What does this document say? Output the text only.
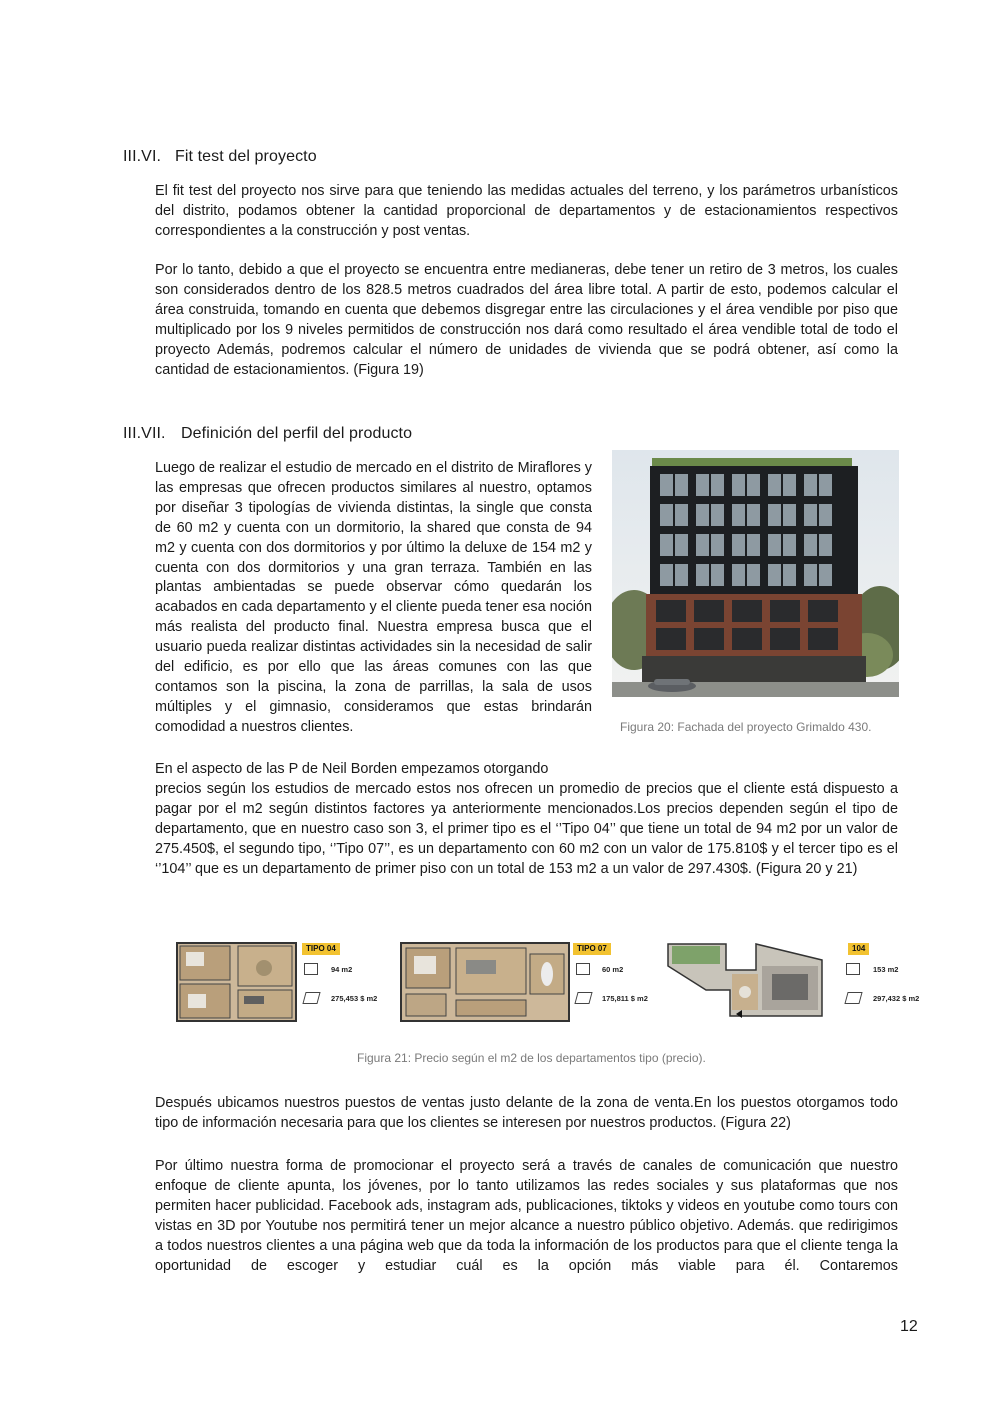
III.VI. Fit test del proyecto
El fit test del proyecto nos sirve para que teniendo las medidas actuales del terreno, y los parámetros urbanísticos del distrito, podamos obtener la cantidad proporcional de departamentos y de estacionamientos respectivos correspondientes a la construcción y post ventas.
Por lo tanto, debido a que el proyecto se encuentra entre medianeras, debe tener un retiro de 3 metros, los cuales son considerados dentro de los 828.5 metros cuadrados del área libre total. A partir de esto, podemos calcular el área construida, tomando en cuenta que debemos disgregar entre las circulaciones y el área vendible por piso que multiplicado por los 9 niveles permitidos de construcción nos dará como resultado el área vendible total de todo el proyecto Además, podremos calcular el número de unidades de vivienda que se podrá obtener, así como la cantidad de estacionamientos. (Figura 19)
III.VII. Definición del perfil del producto
Luego de realizar el estudio de mercado en el distrito de Miraflores y las empresas que ofrecen productos similares al nuestro, optamos por diseñar 3 tipologías de vivienda distintas, la single que consta de 60 m2 y cuenta con un dormitorio, la shared que consta de 94 m2 y cuenta con dos dormitorios y por último la deluxe de 154 m2 y cuenta con dos dormitorios y una gran terraza. También en las plantas ambientadas se puede observar cómo quedarán los acabados en cada departamento y el cliente pueda tener esa noción más realista del producto final. Nuestra empresa busca que el usuario pueda realizar distintas actividades sin la necesidad de salir del edificio, es por ello que las áreas comunes con las que contamos son la piscina, la zona de parrillas, la sala de usos múltiples y el gimnasio, consideramos que estas brindarán comodidad a nuestros clientes.
En el aspecto de las P de Neil Borden empezamos otorgando
precios según los estudios de mercado estos nos ofrecen un promedio de precios que el cliente está dispuesto a pagar por el m2 según distintos factores ya anteriormente mencionados.Los precios dependen según el tipo de departamento, que en nuestro caso son 3, el primer tipo es el ‘’Tipo 04’’ que tiene un total de 94 m2 por un valor de 275.450$, el segundo tipo, ‘’Tipo 07’’, es un departamento con 60 m2 con un valor de 175.810$ y el tercer tipo es el ‘’104’’ que es un departamento de primer piso con un total de 153 m2 a un valor de 297.430$. (Figura 20 y 21)
Figura 20: Fachada del proyecto Grimaldo 430.
TIPO 04
94 m2
275,453 $ m2
TIPO 07
60 m2
175,811 $ m2
104
153 m2
297,432 $ m2
Figura 21: Precio según el m2 de los departamentos tipo (precio).
Después ubicamos nuestros puestos de ventas justo delante de la zona de venta.En los puestos otorgamos todo tipo de información necesaria para que los clientes se interesen por nuestros productos. (Figura 22)
Por último nuestra forma de promocionar el proyecto será a través de canales de comunicación que nuestro enfoque de cliente apunta, los jóvenes, por lo tanto utilizamos las redes sociales y sus plataformas que nos permiten hacer publicidad. Facebook ads, instagram ads, publicaciones, tiktoks y videos en youtube como tours con vistas en 3D por Youtube nos permitirá tener un mejor alcance a nuestro público objetivo. Además. que redirigimos a todos nuestros clientes a una página web que da toda la información de los productos para que el cliente tenga la oportunidad de escoger y estudiar cuál es la opción más viable para él. Contaremos
12
